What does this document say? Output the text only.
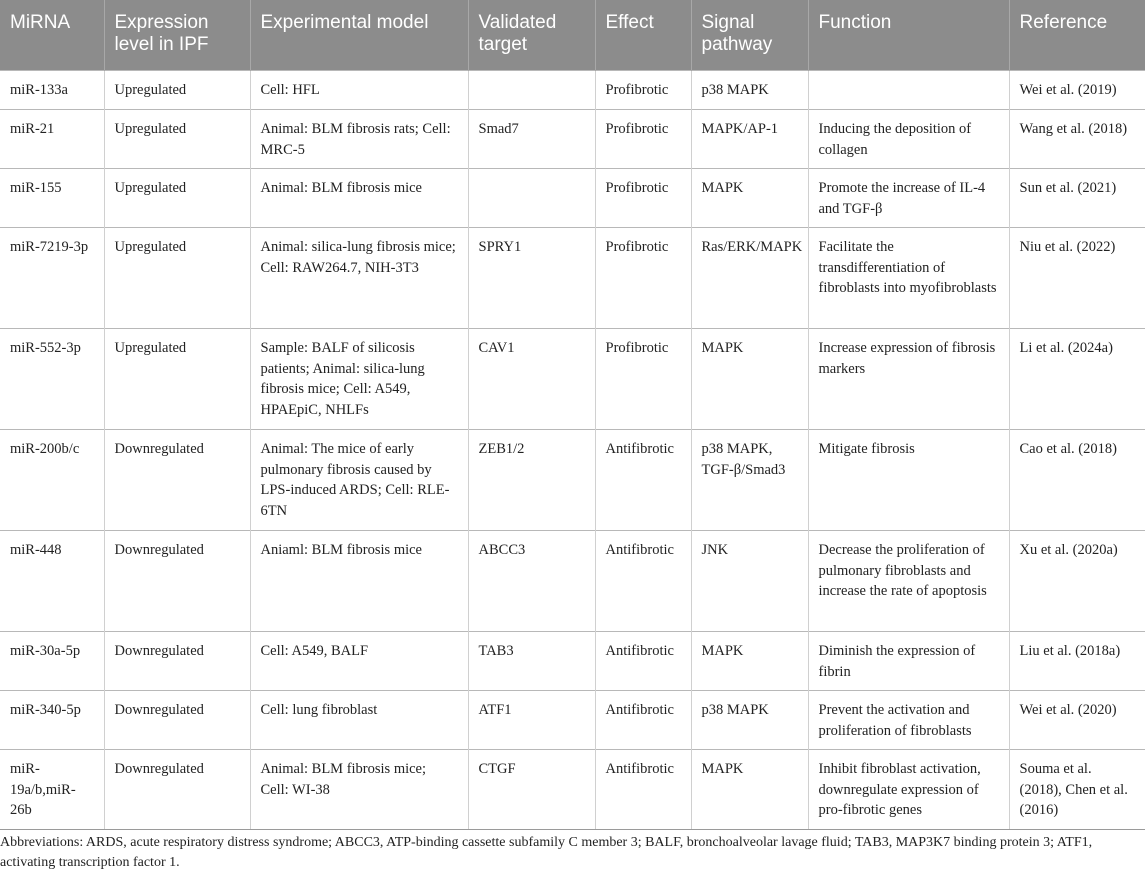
MiRNA	Expression level in IPF	Experimental model	Validated target	Effect	Signal pathway	Function	Reference
miR-133a	Upregulated	Cell: HFL		Profibrotic	p38 MAPK		Wei et al. (2019)
miR-21	Upregulated	Animal: BLM fibrosis rats; Cell: MRC-5	Smad7	Profibrotic	MAPK/AP-1	Inducing the deposition of collagen	Wang et al. (2018)
miR-155	Upregulated	Animal: BLM fibrosis mice		Profibrotic	MAPK	Promote the increase of IL-4 and TGF-β	Sun et al. (2021)
miR-7219-3p	Upregulated	Animal: silica-lung fibrosis mice; Cell: RAW264.7, NIH-3T3	SPRY1	Profibrotic	Ras/ERK/MAPK	Facilitate the transdifferentiation of fibroblasts into myofibroblasts	Niu et al. (2022)
miR-552-3p	Upregulated	Sample: BALF of silicosis patients; Animal: silica-lung fibrosis mice; Cell: A549, HPAEpiC, NHLFs	CAV1	Profibrotic	MAPK	Increase expression of fibrosis markers	Li et al. (2024a)
miR-200b/c	Downregulated	Animal: The mice of early pulmonary fibrosis caused by LPS-induced ARDS; Cell: RLE-6TN	ZEB1/2	Antifibrotic	p38 MAPK, TGF-β/Smad3	Mitigate fibrosis	Cao et al. (2018)
miR-448	Downregulated	Aniaml: BLM fibrosis mice	ABCC3	Antifibrotic	JNK	Decrease the proliferation of pulmonary fibroblasts and increase the rate of apoptosis	Xu et al. (2020a)
miR-30a-5p	Downregulated	Cell: A549, BALF	TAB3	Antifibrotic	MAPK	Diminish the expression of fibrin	Liu et al. (2018a)
miR-340-5p	Downregulated	Cell: lung fibroblast	ATF1	Antifibrotic	p38 MAPK	Prevent the activation and proliferation of fibroblasts	Wei et al. (2020)
miR-19a/b,miR-26b	Downregulated	Animal: BLM fibrosis mice; Cell: WI-38	CTGF	Antifibrotic	MAPK	Inhibit fibroblast activation, downregulate expression of pro-fibrotic genes	Souma et al. (2018), Chen et al. (2016)
Abbreviations: ARDS, acute respiratory distress syndrome; ABCC3, ATP-binding cassette subfamily C member 3; BALF, bronchoalveolar lavage fluid; TAB3, MAP3K7 binding protein 3; ATF1, activating transcription factor 1.
